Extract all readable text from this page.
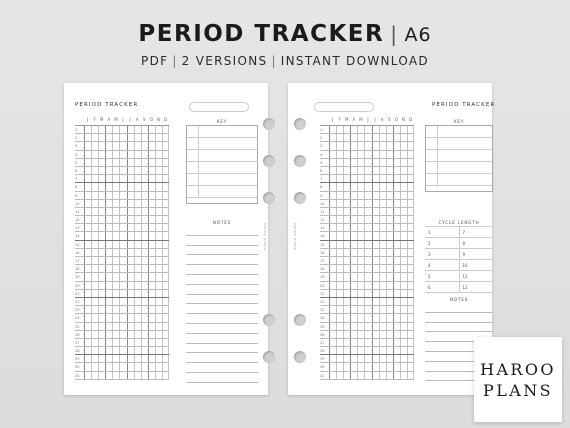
PERIOD TRACKER | A6
PDF | 2 VERSIONS | INSTANT DOWNLOAD
PERIOD TRACKER
J	F	M	A M	J	J	A	S	O	N	D
1
2
3
4
5
6
7
8
9
10
11
12
13
14
15
16
17
18
19
20
21
22
23
24
25
26
27
28
29
30
31
KEY
NOTES
haroo plans
PERIOD TRACKER
J	F	M	A M	J	J	A	S	O	N	D
1
2
3
4
5
6
7
8
9
10
11
12
13
14
15
16
17
18
19
20
21
22
23
24
25
26
27
28
29
30
31
KEY
CYCLE LENGTH
1	7
2	8
3	9
4	10
5	11
6	12
NOTES
haroo plans
HAROO
PLANS
